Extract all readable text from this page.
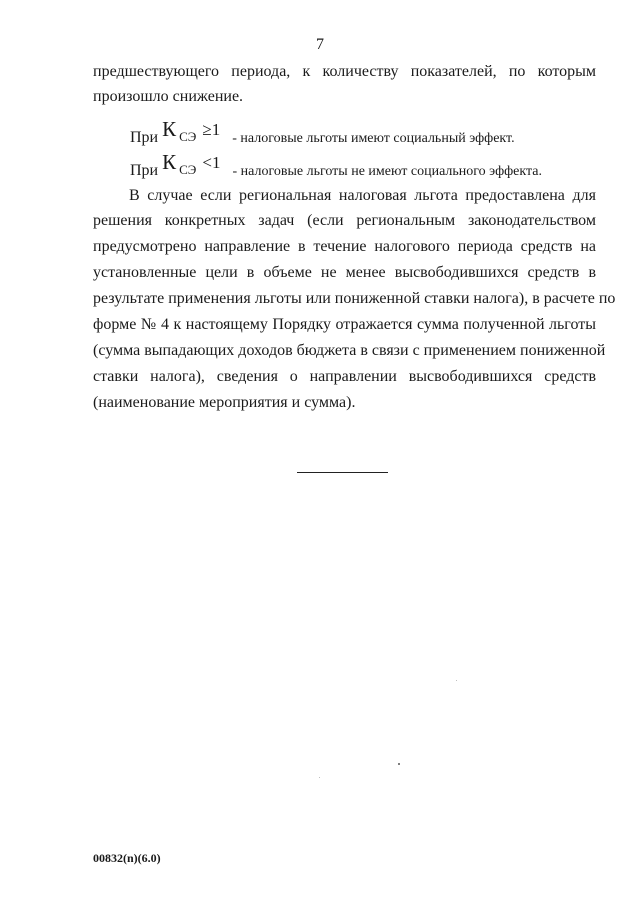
7
предшествующего периода, к количеству показателей, по которым
произошло снижение.
При К СЭ ≥1 - налоговые льготы имеют социальный эффект.
При К СЭ <1 - налоговые льготы не имеют социального эффекта.
В случае если региональная налоговая льгота предоставлена для
решения конкретных задач (если региональным законодательством
предусмотрено направление в течение налогового периода средств на
установленные цели в объеме не менее высвободившихся средств в
результате применения льготы или пониженной ставки налога), в расчете по
форме № 4 к настоящему Порядку отражается сумма полученной льготы
(сумма выпадающих доходов бюджета в связи с применением пониженной
ставки налога), сведения о направлении высвободившихся средств
(наименование мероприятия и сумма).
00832(n)(6.0)
